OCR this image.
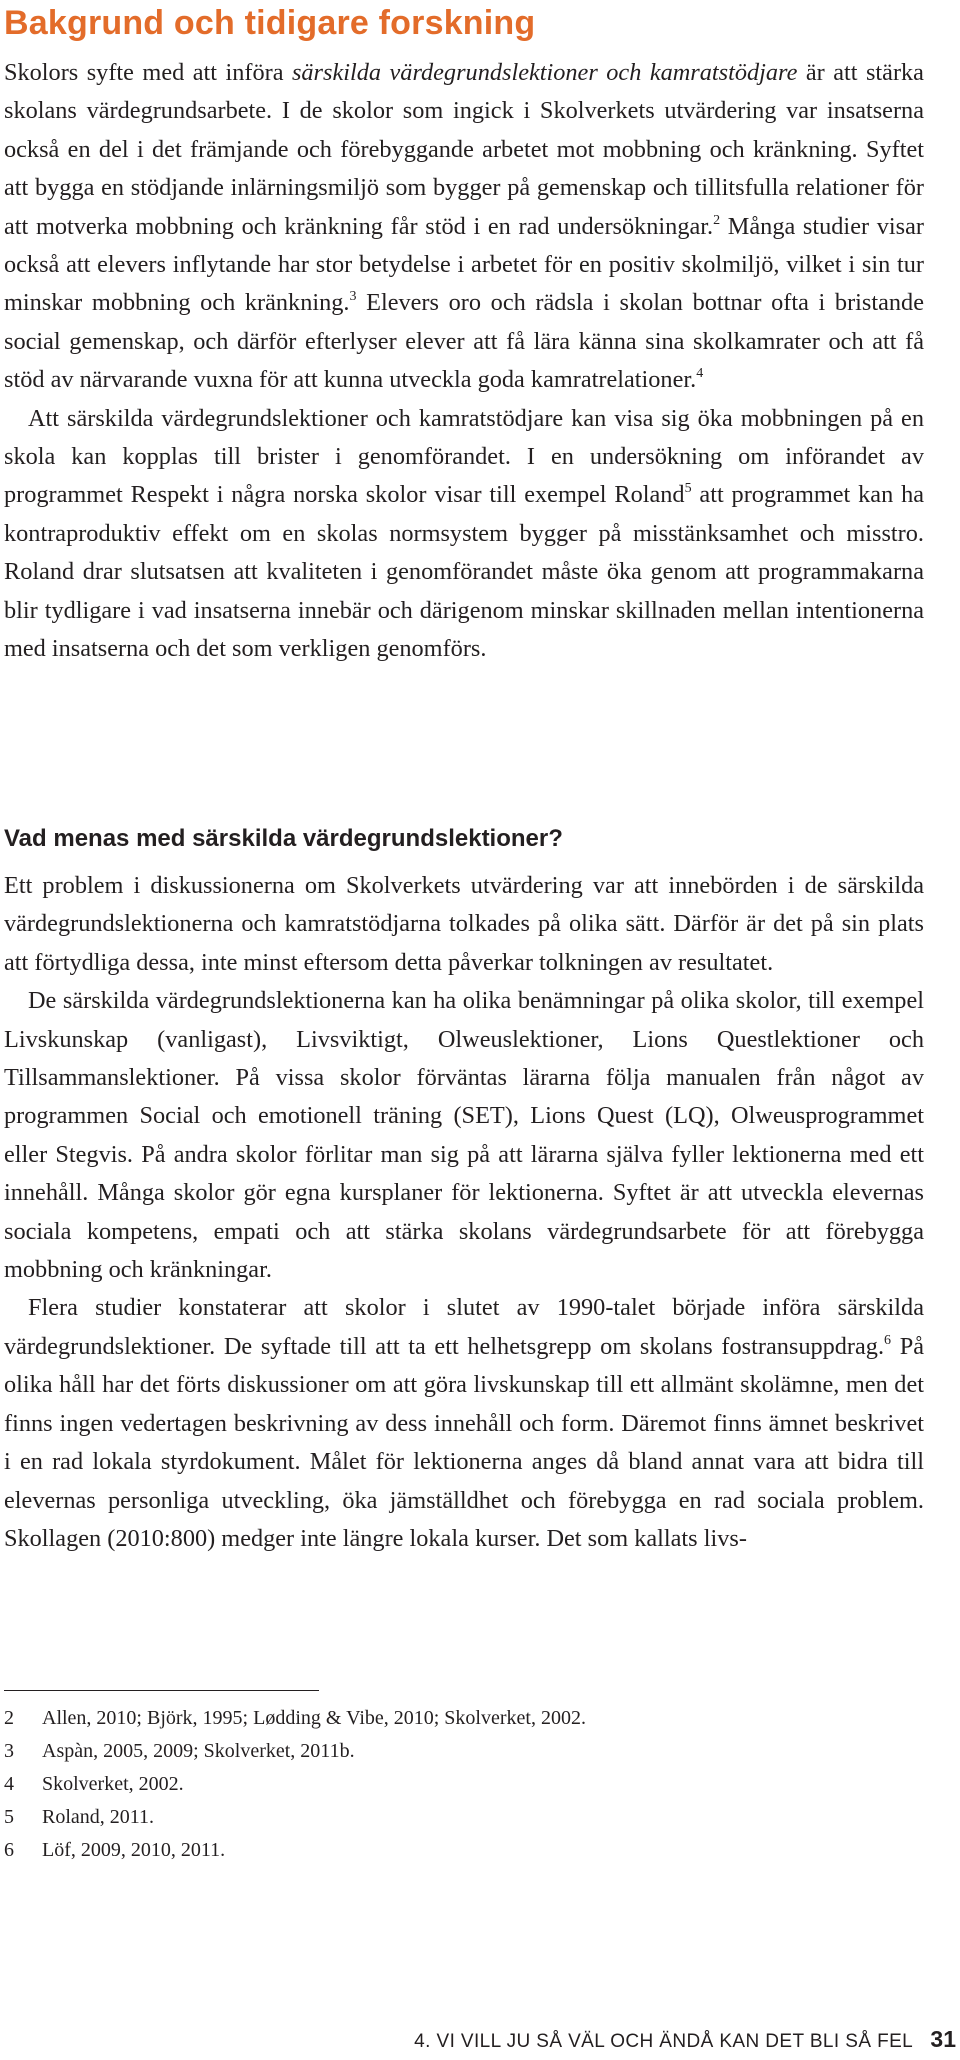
Bakgrund och tidigare forskning

Skolors syfte med att införa särskilda värdegrundslektioner och kamratstödjare är att stärka skolans värdegrundsarbete. I de skolor som ingick i Skolverkets utvärdering var insatserna också en del i det främjande och förebyggande arbetet mot mobbning och kränkning. Syftet att bygga en stödjande inlärningsmiljö som bygger på gemenskap och tillitsfulla relationer för att motverka mobbning och kränkning får stöd i en rad undersökningar.$^2$ Många studier visar också att elevers inflytande har stor betydelse i arbetet för en positiv skolmiljö, vilket i sin tur minskar mobbning och kränkning.$^3$ Elevers oro och rädsla i skolan bottnar ofta i bristande social gemenskap, och därför efterlyser elever att få lära känna sina skolkamrater och att få stöd av närvarande vuxna för att kunna utveckla goda kamratrelationer.$^4$

Att särskilda värdegrundslektioner och kamratstödjare kan visa sig öka mobbningen på en skola kan kopplas till brister i genomförandet. I en undersökning om införandet av programmet Respekt i några norska skolor visar till exempel Roland$^5$ att programmet kan ha kontraproduktiv effekt om en skolas normsystem bygger på misstänksamhet och misstro. Roland drar slutsatsen att kvaliteten i genomförandet måste öka genom att programmakarna blir tydligare i vad insatserna innebär och därigenom minskar skillnaden mellan intentionerna med insatserna och det som verkligen genomförs.

Vad menas med särskilda värdegrundslektioner?

Ett problem i diskussionerna om Skolverkets utvärdering var att innebörden i de särskilda värdegrundslektionerna och kamratstödjarna tolkades på olika sätt. Därför är det på sin plats att förtydliga dessa, inte minst eftersom detta påverkar tolkningen av resultatet.

De särskilda värdegrundslektionerna kan ha olika benämningar på olika skolor, till exempel Livskunskap (vanligast), Livsviktigt, Olweuslektioner, Lions Questlektioner och Tillsammanslektioner. På vissa skolor förväntas lärarna följa manualen från något av programmen Social och emotionell träning (SET), Lions Quest (LQ), Olweusprogrammet eller Stegvis. På andra skolor förlitar man sig på att lärarna själva fyller lektionerna med ett innehåll. Många skolor gör egna kursplaner för lektionerna. Syftet är att utveckla elevernas sociala kompetens, empati och att stärka skolans värdegrundsarbete för att förebygga mobbning och kränkningar.

Flera studier konstaterar att skolor i slutet av 1990-talet började införa särskilda värdegrundslektioner. De syftade till att ta ett helhetsgrepp om skolans fostransuppdrag.$^6$ På olika håll har det förts diskussioner om att göra livskunskap till ett allmänt skolämne, men det finns ingen vedertagen beskrivning av dess innehåll och form. Däremot finns ämnet beskrivet i en rad lokala styrdokument. Målet för lektionerna anges då bland annat vara att bidra till elevernas personliga utveckling, öka jämställdhet och förebygga en rad sociala problem. Skollagen (2010:800) medger inte längre lokala kurser. Det som kallats livs-

2	Allen, 2010; Björk, 1995; Lødding & Vibe, 2010; Skolverket, 2002.
3	Aspàn, 2005, 2009; Skolverket, 2011b.
4	Skolverket, 2002.
5	Roland, 2011.
6	Löf, 2009, 2010, 2011.
4. VI VILL JU SÅ VÄL OCH ÄNDÅ KAN DET BLI SÅ FEL 31
